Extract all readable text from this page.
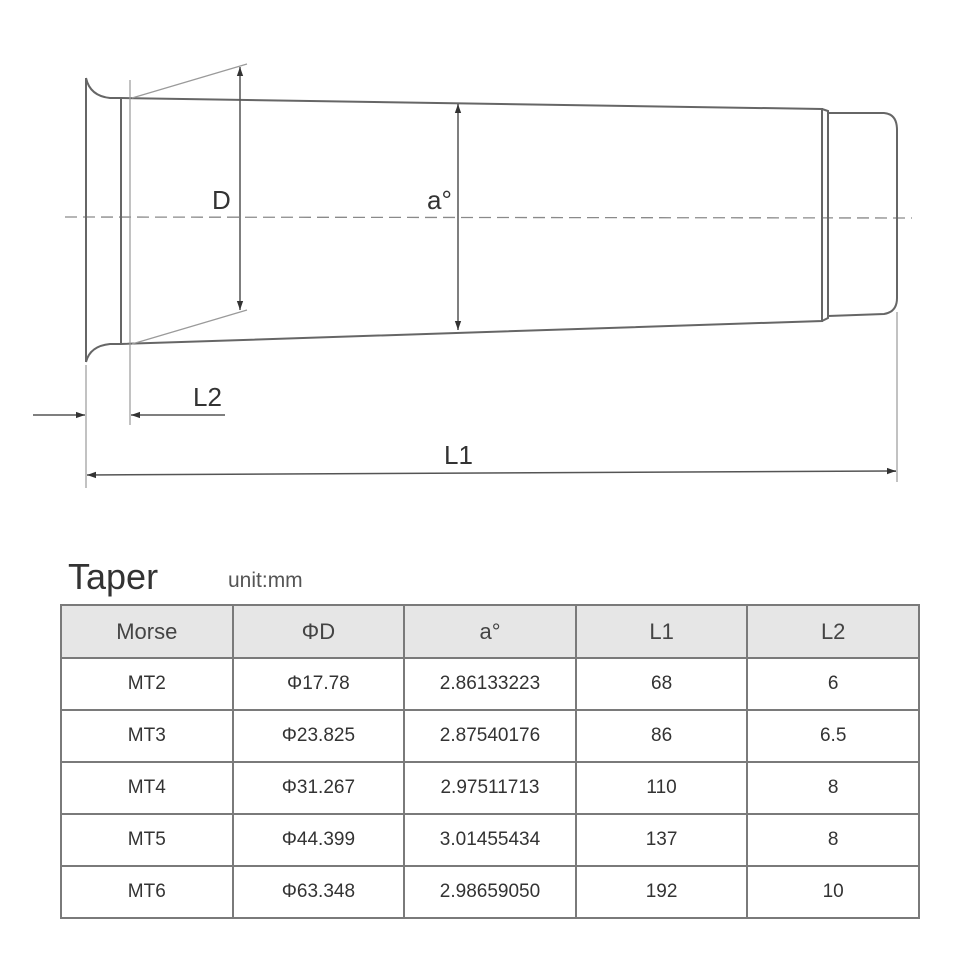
D	a°
L2
L1
Taper	unit:mm
Morse	ΦD	a°	L1	L2
MT2	Φ17.78	2.86133223	68	6
MT3	Φ23.825	2.87540176	86	6.5
MT4	Φ31.267	2.97511713	110	8
MT5	Φ44.399	3.01455434	137	8
MT6	Φ63.348	2.98659050	192	10
